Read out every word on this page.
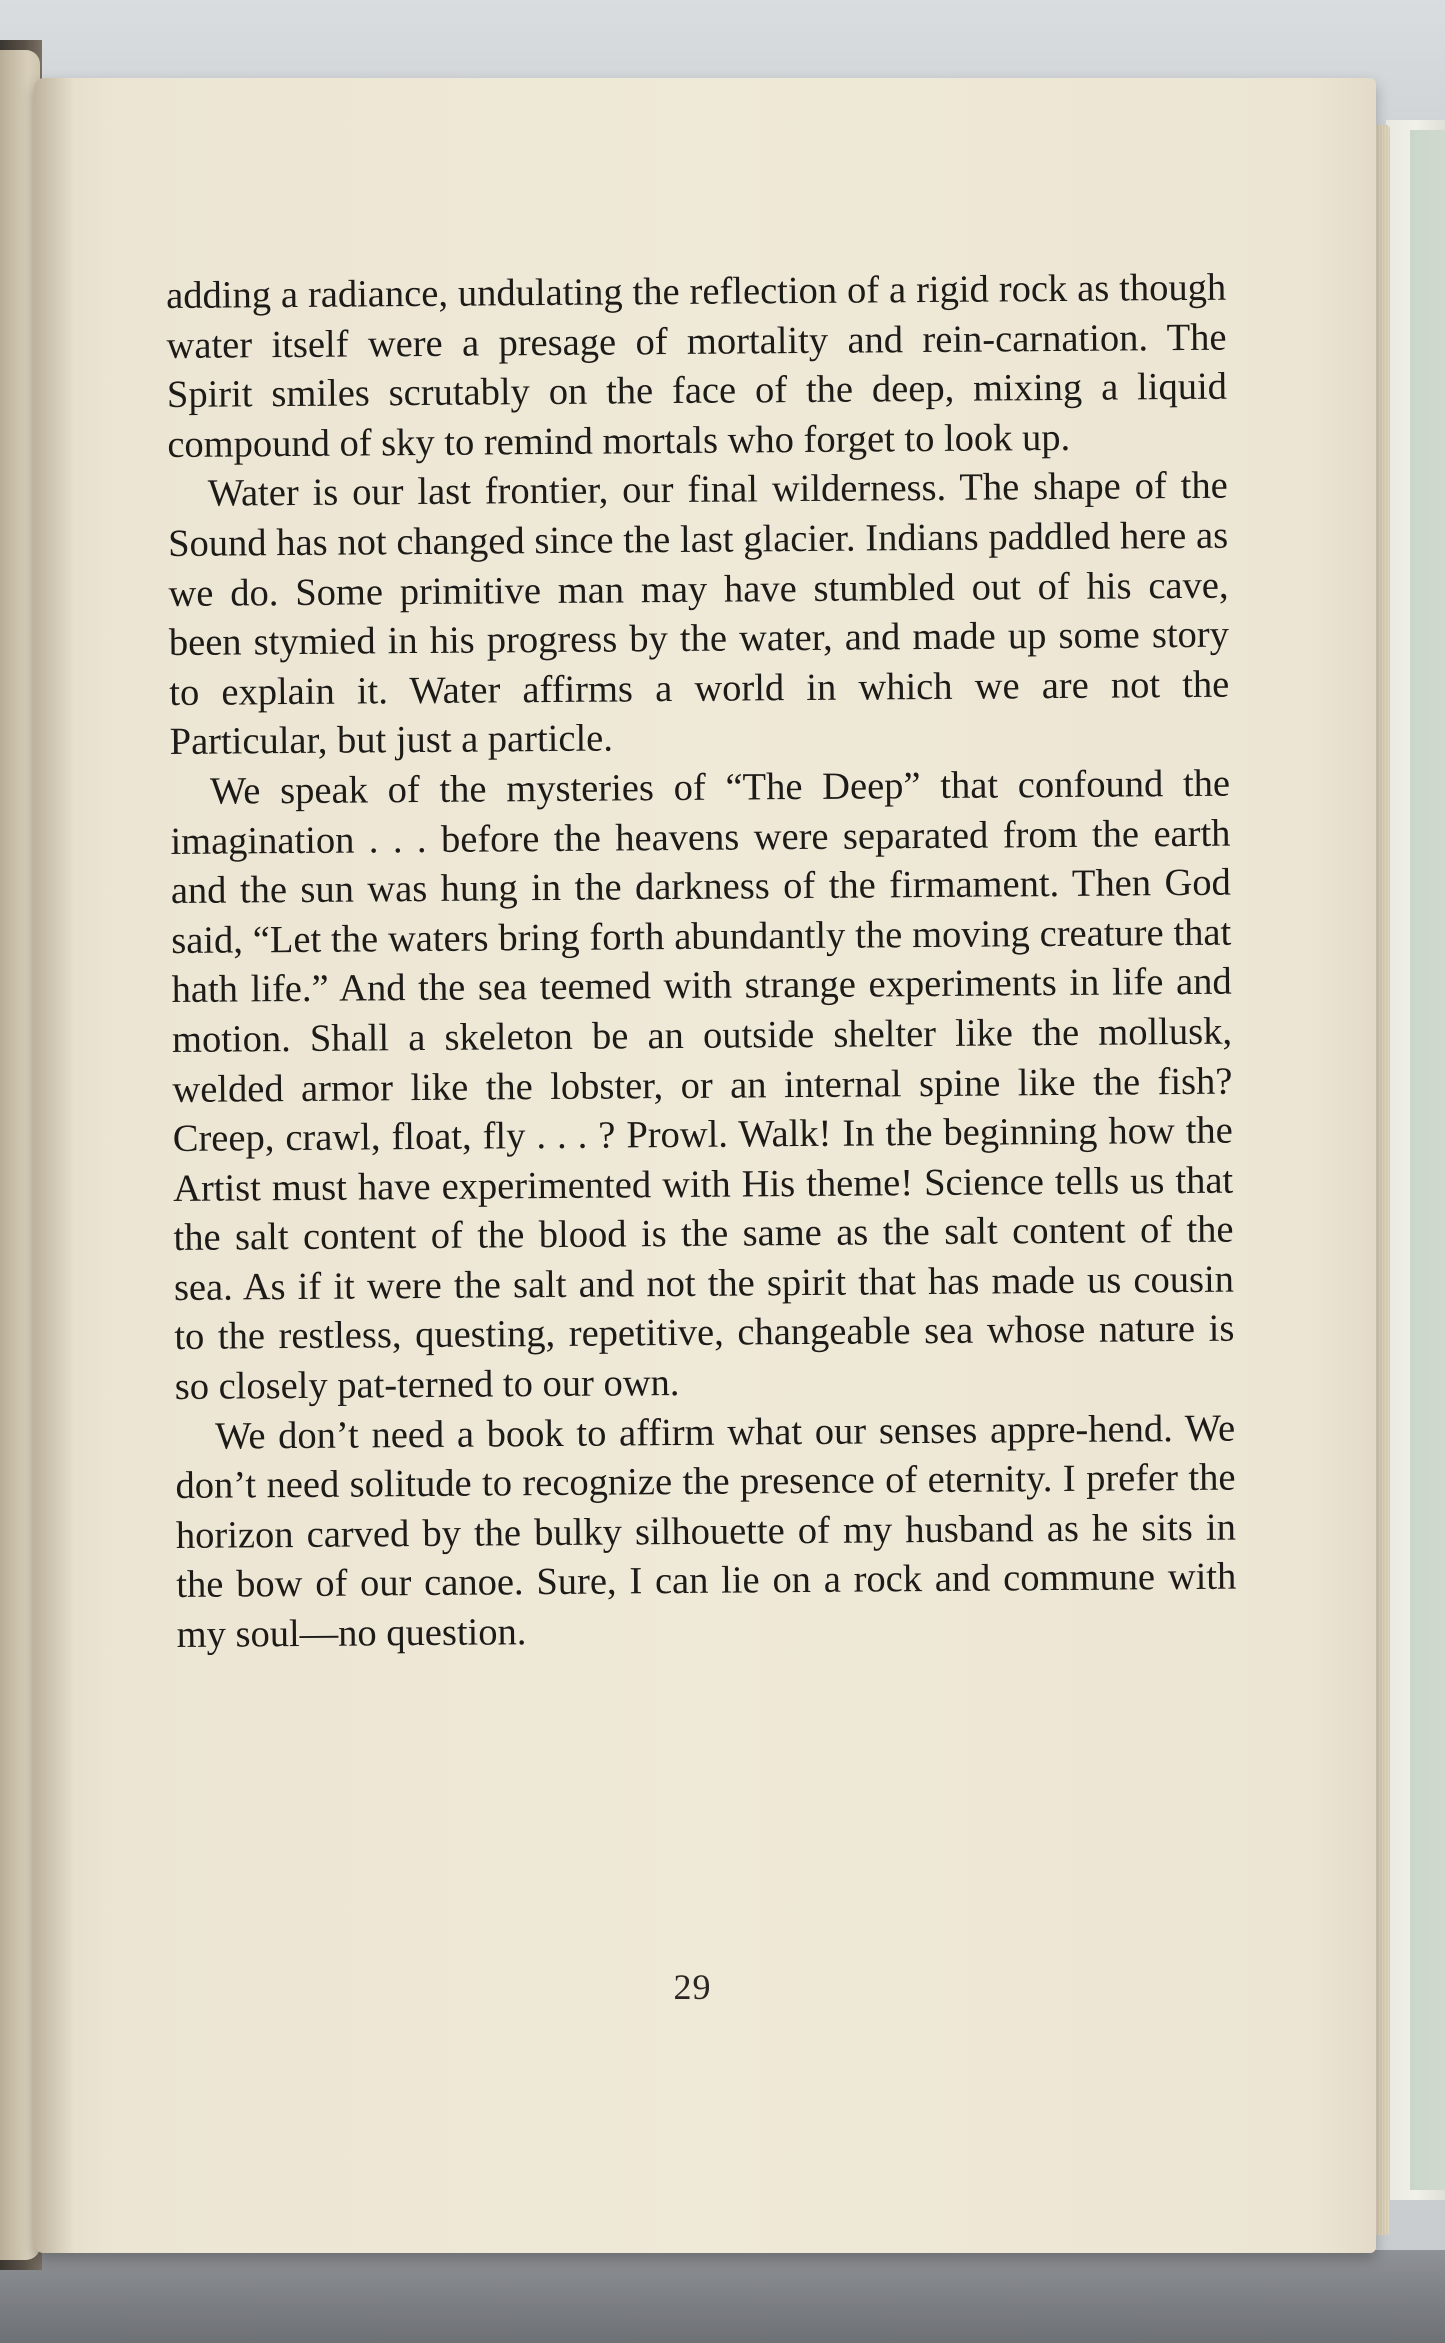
adding a radiance, undulating the reflection of a rigid rock as though water itself were a presage of mortality and rein-carnation. The Spirit smiles scrutably on the face of the deep, mixing a liquid compound of sky to remind mortals who forget to look up.

Water is our last frontier, our final wilderness. The shape of the Sound has not changed since the last glacier. Indians paddled here as we do. Some primitive man may have stumbled out of his cave, been stymied in his progress by the water, and made up some story to explain it. Water affirms a world in which we are not the Particular, but just a particle.

We speak of the mysteries of “The Deep” that confound the imagination . . . before the heavens were separated from the earth and the sun was hung in the darkness of the firmament. Then God said, “Let the waters bring forth abundantly the moving creature that hath life.” And the sea teemed with strange experiments in life and motion. Shall a skeleton be an outside shelter like the mollusk, welded armor like the lobster, or an internal spine like the fish? Creep, crawl, float, fly . . . ? Prowl. Walk! In the beginning how the Artist must have experimented with His theme! Science tells us that the salt content of the blood is the same as the salt content of the sea. As if it were the salt and not the spirit that has made us cousin to the restless, questing, repetitive, changeable sea whose nature is so closely pat-terned to our own.

We don’t need a book to affirm what our senses appre-hend. We don’t need solitude to recognize the presence of eternity. I prefer the horizon carved by the bulky silhouette of my husband as he sits in the bow of our canoe. Sure, I can lie on a rock and commune with my soul—no question.

29
